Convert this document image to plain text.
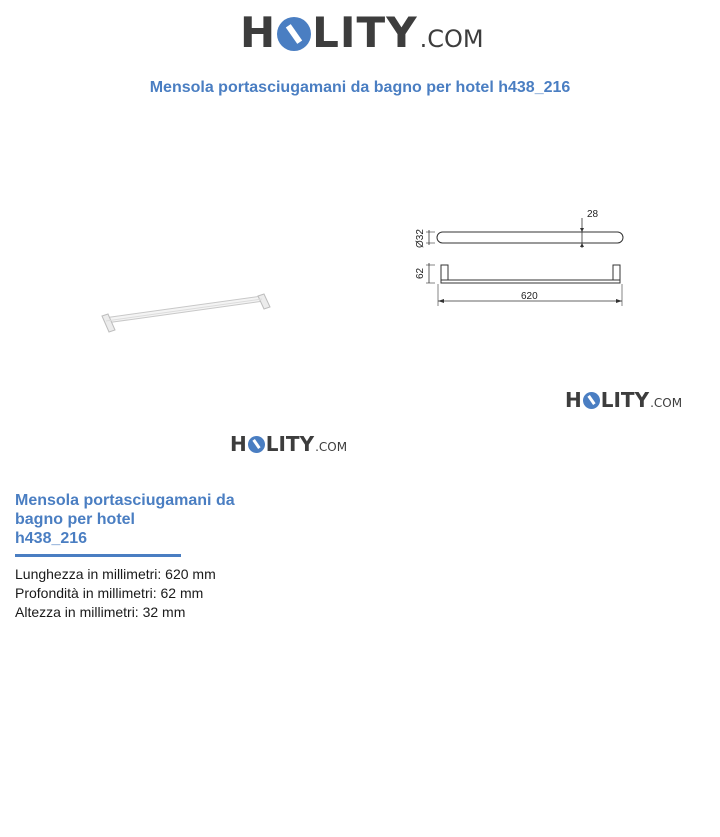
H LITY .COM
Mensola portasciugamani da bagno per hotel h438_216
Ø32
28
62
620
H LITY .COM
H LITY .COM
Mensola portasciugamani da
bagno per hotel
h438_216
Lunghezza in millimetri: 620 mm
Profondità in millimetri: 62 mm
Altezza in millimetri: 32 mm
